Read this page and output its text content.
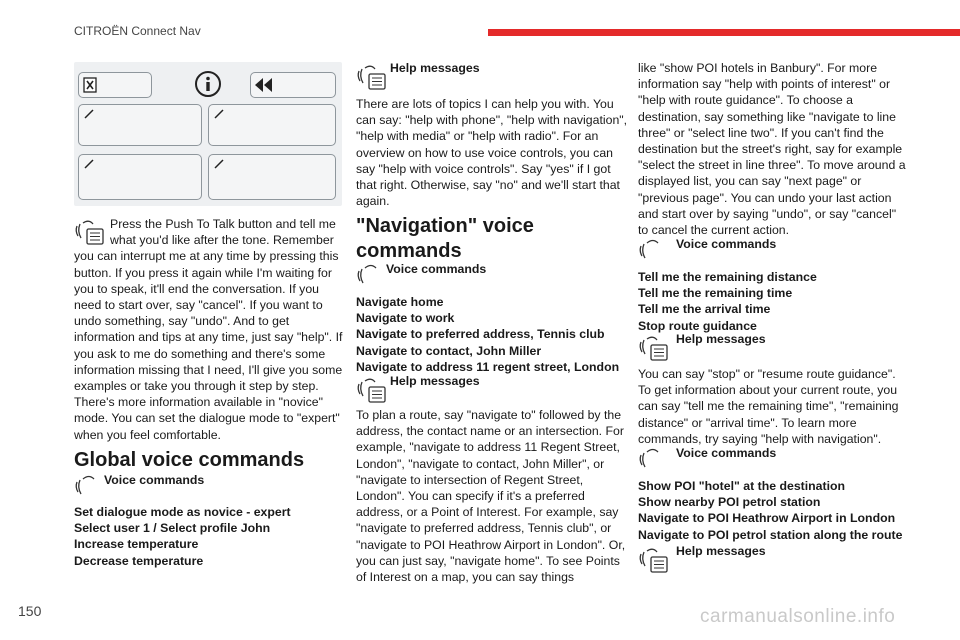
CITROËN Connect Nav
Press the Push To Talk button and tell me
what you'd like after the tone. Remember

you can interrupt me at any time by pressing this button. If you press it again while I'm waiting for you to speak, it'll end the conversation. If you need to start over, say "cancel". If you want to undo something, say "undo". And to get information and tips at any time, just say "help". If you ask to me do something and there's some information missing that I need, I'll give you some examples or take you through it step by step. There's more information available in "novice" mode. You can set the dialogue mode to "expert" when you feel comfortable.

Global voice commands
Voice commands
Set dialogue mode as novice - expert
Select user 1 / Select profile John
Increase temperature
Decrease temperature
Help messages

There are lots of topics I can help you with. You can say: "help with phone", "help with navigation", "help with media" or "help with radio". For an overview on how to use voice controls, you can say "help with voice controls". Say "yes" if I got that right. Otherwise, say "no" and we'll start that again.

"Navigation" voice
commands
Voice commands
Navigate home
Navigate to work
Navigate to preferred address, Tennis club
Navigate to contact, John Miller
Navigate to address 11 regent street, London
Help messages

To plan a route, say "navigate to" followed by the address, the contact name or an intersection. For example, "navigate to address 11 Regent Street, London", "navigate to contact, John Miller", or "navigate to intersection of Regent Street, London". You can specify if it's a preferred address, or a Point of Interest. For example, say "navigate to preferred address, Tennis club", or "navigate to POI Heathrow Airport in London". Or, you can just say, "navigate home". To see Points of Interest on a map, you can say things

like "show POI hotels in Banbury". For more information say "help with points of interest" or "help with route guidance". To choose a destination, say something like "navigate to line three" or "select line two". If you can't find the destination but the street's right, say for example "select the street in line three". To move around a displayed list, you can say "next page" or "previous page". You can undo your last action and start over by saying "undo", or say "cancel" to cancel the current action.

Voice commands
Tell me the remaining distance
Tell me the remaining time
Tell me the arrival time
Stop route guidance
Help messages

You can say "stop" or "resume route guidance". To get information about your current route, you can say "tell me the remaining time", "remaining distance" or "arrival time". To learn more commands, try saying "help with navigation".

Voice commands
Show POI "hotel" at the destination
Show nearby POI petrol station
Navigate to POI Heathrow Airport in London
Navigate to POI petrol station along the route
Help messages
150	carmanualsonline.info
